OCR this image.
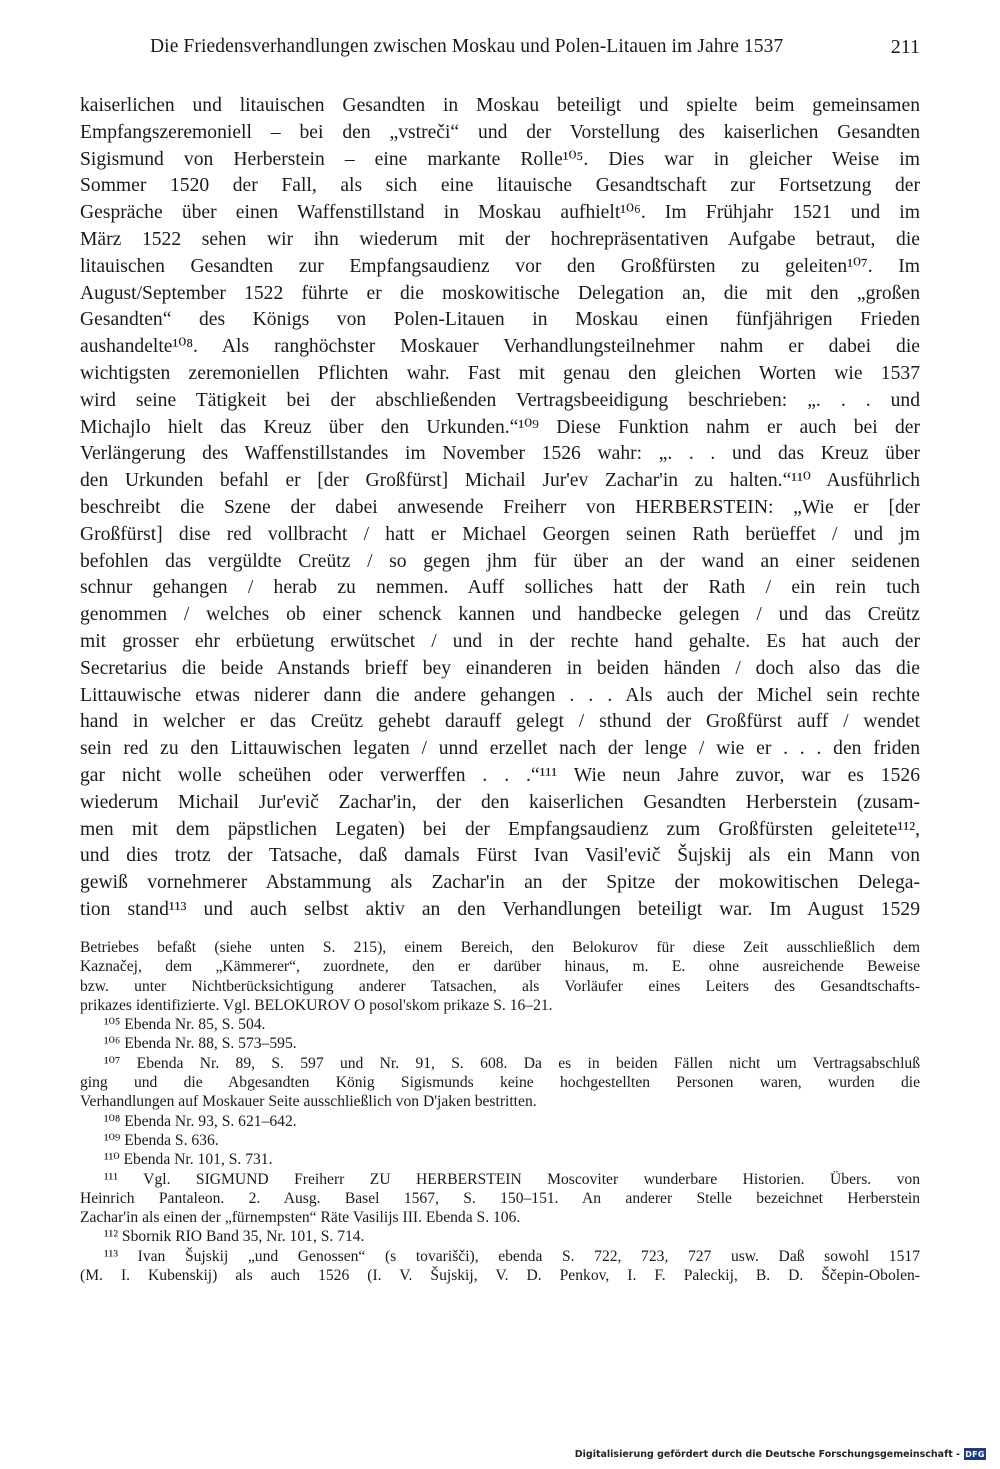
Die Friedensverhandlungen zwischen Moskau und Polen-Litauen im Jahre 1537	211
kaiserlichen und litauischen Gesandten in Moskau beteiligt und spielte beim gemeinsamen
Empfangszeremoniell – bei den „vstreči“ und der Vorstellung des kaiserlichen Gesandten
Sigismund von Herberstein – eine markante Rolle¹⁰⁵. Dies war in gleicher Weise im
Sommer 1520 der Fall, als sich eine litauische Gesandtschaft zur Fortsetzung der
Gespräche über einen Waffenstillstand in Moskau aufhielt¹⁰⁶. Im Frühjahr 1521 und im
März 1522 sehen wir ihn wiederum mit der hochrepräsentativen Aufgabe betraut, die
litauischen Gesandten zur Empfangsaudienz vor den Großfürsten zu geleiten¹⁰⁷. Im
August/September 1522 führte er die moskowitische Delegation an, die mit den „großen
Gesandten“ des Königs von Polen-Litauen in Moskau einen fünfjährigen Frieden
aushandelte¹⁰⁸. Als ranghöchster Moskauer Verhandlungsteilnehmer nahm er dabei die
wichtigsten zeremoniellen Pflichten wahr. Fast mit genau den gleichen Worten wie 1537
wird seine Tätigkeit bei der abschließenden Vertragsbeeidigung beschrieben: „. . . und
Michajlo hielt das Kreuz über den Urkunden.“¹⁰⁹ Diese Funktion nahm er auch bei der
Verlängerung des Waffenstillstandes im November 1526 wahr: „. . . und das Kreuz über
den Urkunden befahl er [der Großfürst] Michail Jur'ev Zachar'in zu halten.“¹¹⁰ Ausführlich
beschreibt die Szene der dabei anwesende Freiherr von HERBERSTEIN: „Wie er [der
Großfürst] dise red vollbracht / hatt er Michael Georgen seinen Rath berüeffet / und jm
befohlen das vergüldte Creütz / so gegen jhm für über an der wand an einer seidenen
schnur gehangen / herab zu nemmen. Auff solliches hatt der Rath / ein rein tuch
genommen / welches ob einer schenck kannen und handbecke gelegen / und das Creütz
mit grosser ehr erbüetung erwütschet / und in der rechte hand gehalte. Es hat auch der
Secretarius die beide Anstands brieff bey einanderen in beiden händen / doch also das die
Littauwische etwas niderer dann die andere gehangen . . . Als auch der Michel sein rechte
hand in welcher er das Creütz gehebt darauff gelegt / sthund der Großfürst auff / wendet
sein red zu den Littauwischen legaten / unnd erzellet nach der lenge / wie er . . . den friden
gar nicht wolle scheühen oder verwerffen . . .“¹¹¹ Wie neun Jahre zuvor, war es 1526
wiederum Michail Jur'evič Zachar'in, der den kaiserlichen Gesandten Herberstein (zusam-
men mit dem päpstlichen Legaten) bei der Empfangsaudienz zum Großfürsten geleitete¹¹²,
und dies trotz der Tatsache, daß damals Fürst Ivan Vasil'evič Šujskij als ein Mann von
gewiß vornehmerer Abstammung als Zachar'in an der Spitze der mokowitischen Delega-
tion stand¹¹³ und auch selbst aktiv an den Verhandlungen beteiligt war. Im August 1529
Betriebes befaßt (siehe unten S. 215), einem Bereich, den Belokurov für diese Zeit ausschließlich dem
Kaznačej, dem „Kämmerer“, zuordnete, den er darüber hinaus, m. E. ohne ausreichende Beweise
bzw. unter Nichtberücksichtigung anderer Tatsachen, als Vorläufer eines Leiters des Gesandtschafts-
prikazes identifizierte. Vgl. BELOKUROV O posol'skom prikaze S. 16–21.
¹⁰⁵ Ebenda Nr. 85, S. 504.
¹⁰⁶ Ebenda Nr. 88, S. 573–595.
¹⁰⁷ Ebenda Nr. 89, S. 597 und Nr. 91, S. 608. Da es in beiden Fällen nicht um Vertragsabschluß
ging und die Abgesandten König Sigismunds keine hochgestellten Personen waren, wurden die
Verhandlungen auf Moskauer Seite ausschließlich von D'jaken bestritten.
¹⁰⁸ Ebenda Nr. 93, S. 621–642.
¹⁰⁹ Ebenda S. 636.
¹¹⁰ Ebenda Nr. 101, S. 731.
¹¹¹ Vgl. SIGMUND Freiherr ZU HERBERSTEIN Moscoviter wunderbare Historien. Übers. von
Heinrich Pantaleon. 2. Ausg. Basel 1567, S. 150–151. An anderer Stelle bezeichnet Herberstein
Zachar'in als einen der „fürnempsten“ Räte Vasilijs III. Ebenda S. 106.
¹¹² Sbornik RIO Band 35, Nr. 101, S. 714.
¹¹³ Ivan Šujskij „und Genossen“ (s tovarišči), ebenda S. 722, 723, 727 usw. Daß sowohl 1517
(M. I. Kubenskij) als auch 1526 (I. V. Šujskij, V. D. Penkov, I. F. Paleckij, B. D. Ščepin-Obolen-
Digitalisierung gefördert durch die Deutsche Forschungsgemeinschaft - DFG
